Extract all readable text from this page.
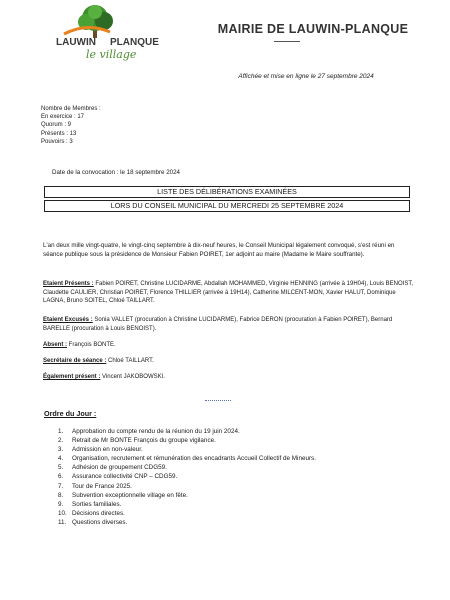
LAUWIN PLANQUE
le village
MAIRIE DE LAUWIN-PLANQUE
Affichée et mise en ligne le 27 septembre 2024
Nombre de Membres :
En exercice : 17
Quorum : 9
Présents : 13
Pouvoirs : 3
Date de la convocation : le 18 septembre 2024
LISTE DES DÉLIBÉRATIONS EXAMINÉES
LORS DU CONSEIL MUNICIPAL DU MERCREDI 25 SEPTEMBRE 2024
L'an deux mille vingt-quatre, le vingt-cinq septembre à dix-neuf heures, le Conseil Municipal légalement convoqué, s'est réuni en séance publique sous la présidence de Monsieur Fabien POIRET, 1er adjoint au maire (Madame le Maire souffrante).
Etaient Présents : Fabien POIRET, Christine LUCIDARME, Abdallah MOHAMMED, Virginie HENNING (arrivée à 19H04), Louis BENOIST, Claudette CAULIER, Christian POIRET, Florence THILLIER (arrivée à 19H14), Catherine MILCENT-MON, Xavier HALUT, Dominique LAGNA, Bruno SOITEL, Chloé TAILLART.
Etaient Excusés : Sonia VALLET (procuration à Christine LUCIDARME), Fabrice DERON (procuration à Fabien POIRET), Bernard BARELLE (procuration à Louis BENOIST).
Absent : François BONTE.
Secrétaire de séance : Chloé TAILLART.
Également présent : Vincent JAKOBOWSKI.
Ordre du Jour :
1. Approbation du compte rendu de la réunion du 19 juin 2024.
2. Retrait de Mr BONTE François du groupe vigilance.
3. Admission en non-valeur.
4. Organisation, recrutement et rémunération des encadrants Accueil Collectif de Mineurs.
5. Adhésion de groupement CDG59.
6. Assurance collectivité CNP – CDG59.
7. Tour de France 2025.
8. Subvention exceptionnelle village en fête.
9. Sorties familiales.
10. Décisions directes.
11. Questions diverses.
